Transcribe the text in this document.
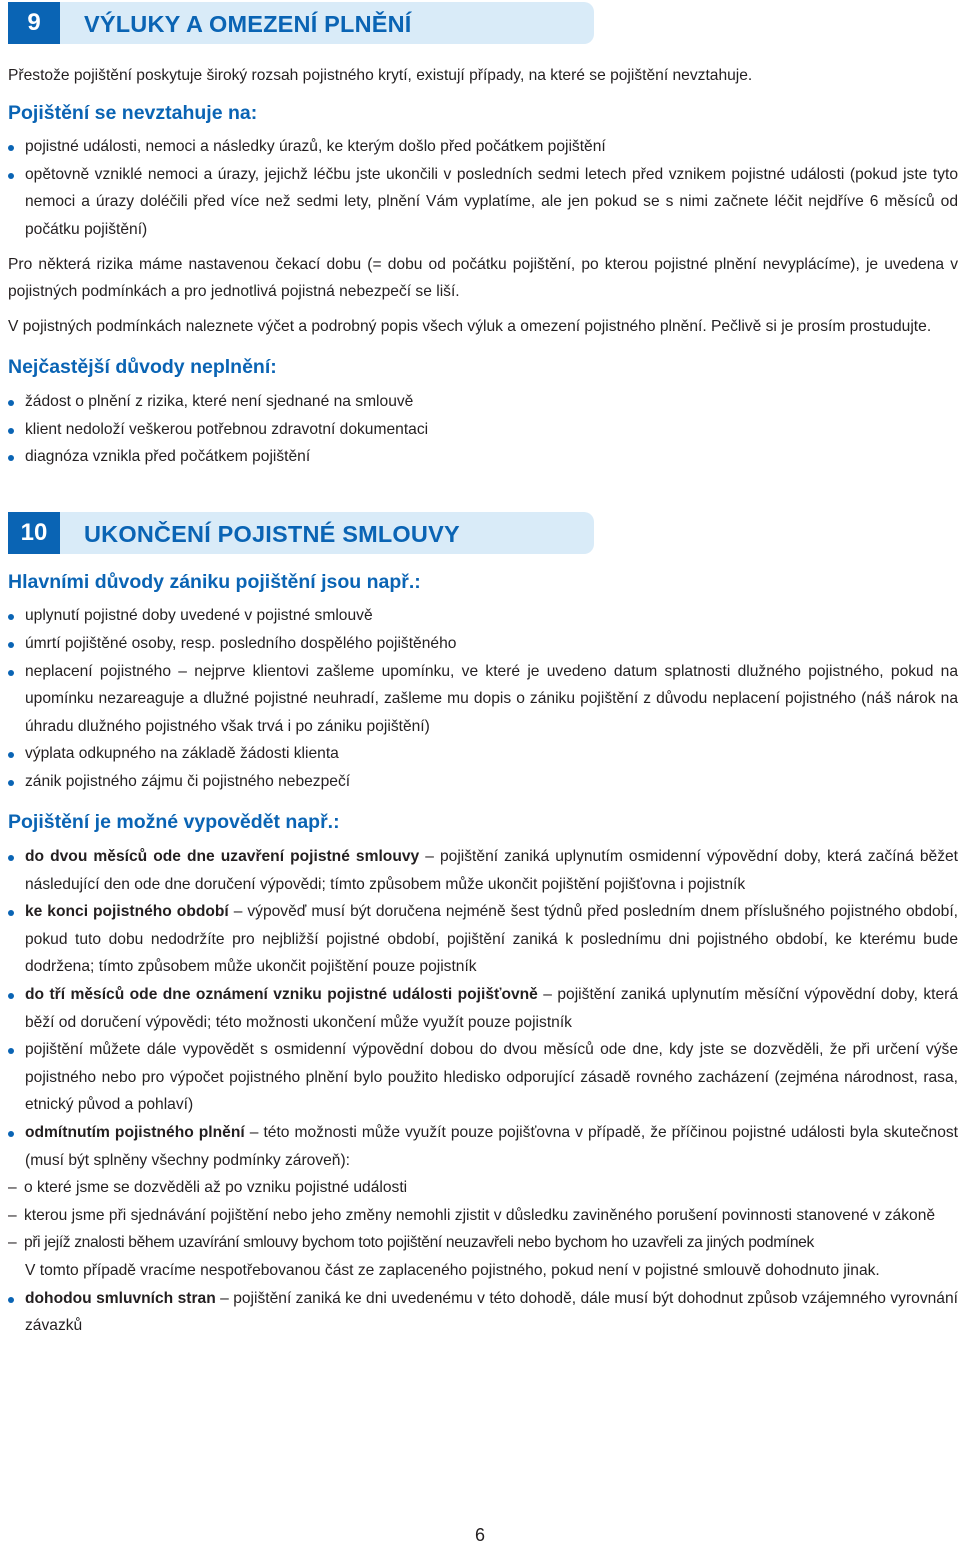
9	VÝLUKY A OMEZENÍ PLNĚNÍ

Přestože pojištění poskytuje široký rozsah pojistného krytí, existují případy, na které se pojištění nevztahuje.

Pojištění se nevztahuje na:

pojistné události, nemoci a následky úrazů, ke kterým došlo před počátkem pojištění
opětovně vzniklé nemoci a úrazy, jejichž léčbu jste ukončili v posledních sedmi letech před vznikem pojistné události (pokud jste tyto nemoci a úrazy doléčili před více než sedmi lety, plnění Vám vyplatíme, ale jen pokud se s nimi začnete léčit nejdříve 6 měsíců od počátku pojištění)

Pro některá rizika máme nastavenou čekací dobu (= dobu od počátku pojištění, po kterou pojistné plnění nevyplácíme), je uvedena v pojistných podmínkách a pro jednotlivá pojistná nebezpečí se liší.

V pojistných podmínkách naleznete výčet a podrobný popis všech výluk a omezení pojistného plnění. Pečlivě si je prosím prostudujte.

Nejčastější důvody neplnění:

žádost o plnění z rizika, které není sjednané na smlouvě
klient nedoloží veškerou potřebnou zdravotní dokumentaci
diagnóza vznikla před počátkem pojištění
10	UKONČENÍ POJISTNÉ SMLOUVY

Hlavními důvody zániku pojištění jsou např.:

uplynutí pojistné doby uvedené v pojistné smlouvě
úmrtí pojištěné osoby, resp. posledního dospělého pojištěného
neplacení pojistného – nejprve klientovi zašleme upomínku, ve které je uvedeno datum splatnosti dlužného pojistného, pokud na upomínku nezareaguje a dlužné pojistné neuhradí, zašleme mu dopis o zániku pojištění z důvodu neplacení pojistného (náš nárok na úhradu dlužného pojistného však trvá i po zániku pojištění)
výplata odkupného na základě žádosti klienta
zánik pojistného zájmu či pojistného nebezpečí

Pojištění je možné vypovědět např.:

do dvou měsíců ode dne uzavření pojistné smlouvy – pojištění zaniká uplynutím osmidenní výpovědní doby, která začíná běžet následující den ode dne doručení výpovědi; tímto způsobem může ukončit pojištění pojišťovna i pojistník
ke konci pojistného období – výpověď musí být doručena nejméně šest týdnů před posledním dnem příslušného pojistného období, pokud tuto dobu nedodržíte pro nejbližší pojistné období, pojištění zaniká k poslednímu dni pojistného období, ke kterému bude dodržena; tímto způsobem může ukončit pojištění pouze pojistník
do tří měsíců ode dne oznámení vzniku pojistné události pojišťovně – pojištění zaniká uplynutím měsíční výpovědní doby, která běží od doručení výpovědi; této možnosti ukončení může využít pouze pojistník
pojištění můžete dále vypovědět s osmidenní výpovědní dobou do dvou měsíců ode dne, kdy jste se dozvěděli, že při určení výše pojistného nebo pro výpočet pojistného plnění bylo použito hledisko odporující zásadě rovného zacházení (zejména národnost, rasa, etnický původ a pohlaví)
odmítnutím pojistného plnění – této možnosti může využít pouze pojišťovna v případě, že příčinou pojistné události byla skutečnost (musí být splněny všechny podmínky zároveň):
– o které jsme se dozvěděli až po vzniku pojistné události
– kterou jsme při sjednávání pojištění nebo jeho změny nemohli zjistit v důsledku zaviněného porušení povinnosti stanovené v zákoně
– při jejíž znalosti během uzavírání smlouvy bychom toto pojištění neuzavřeli nebo bychom ho uzavřeli za jiných podmínek

V tomto případě vracíme nespotřebovanou část ze zaplaceného pojistného, pokud není v pojistné smlouvě dohodnuto jinak.

dohodou smluvních stran – pojištění zaniká ke dni uvedenému v této dohodě, dále musí být dohodnut způsob vzájemného vyrovnání závazků
6
